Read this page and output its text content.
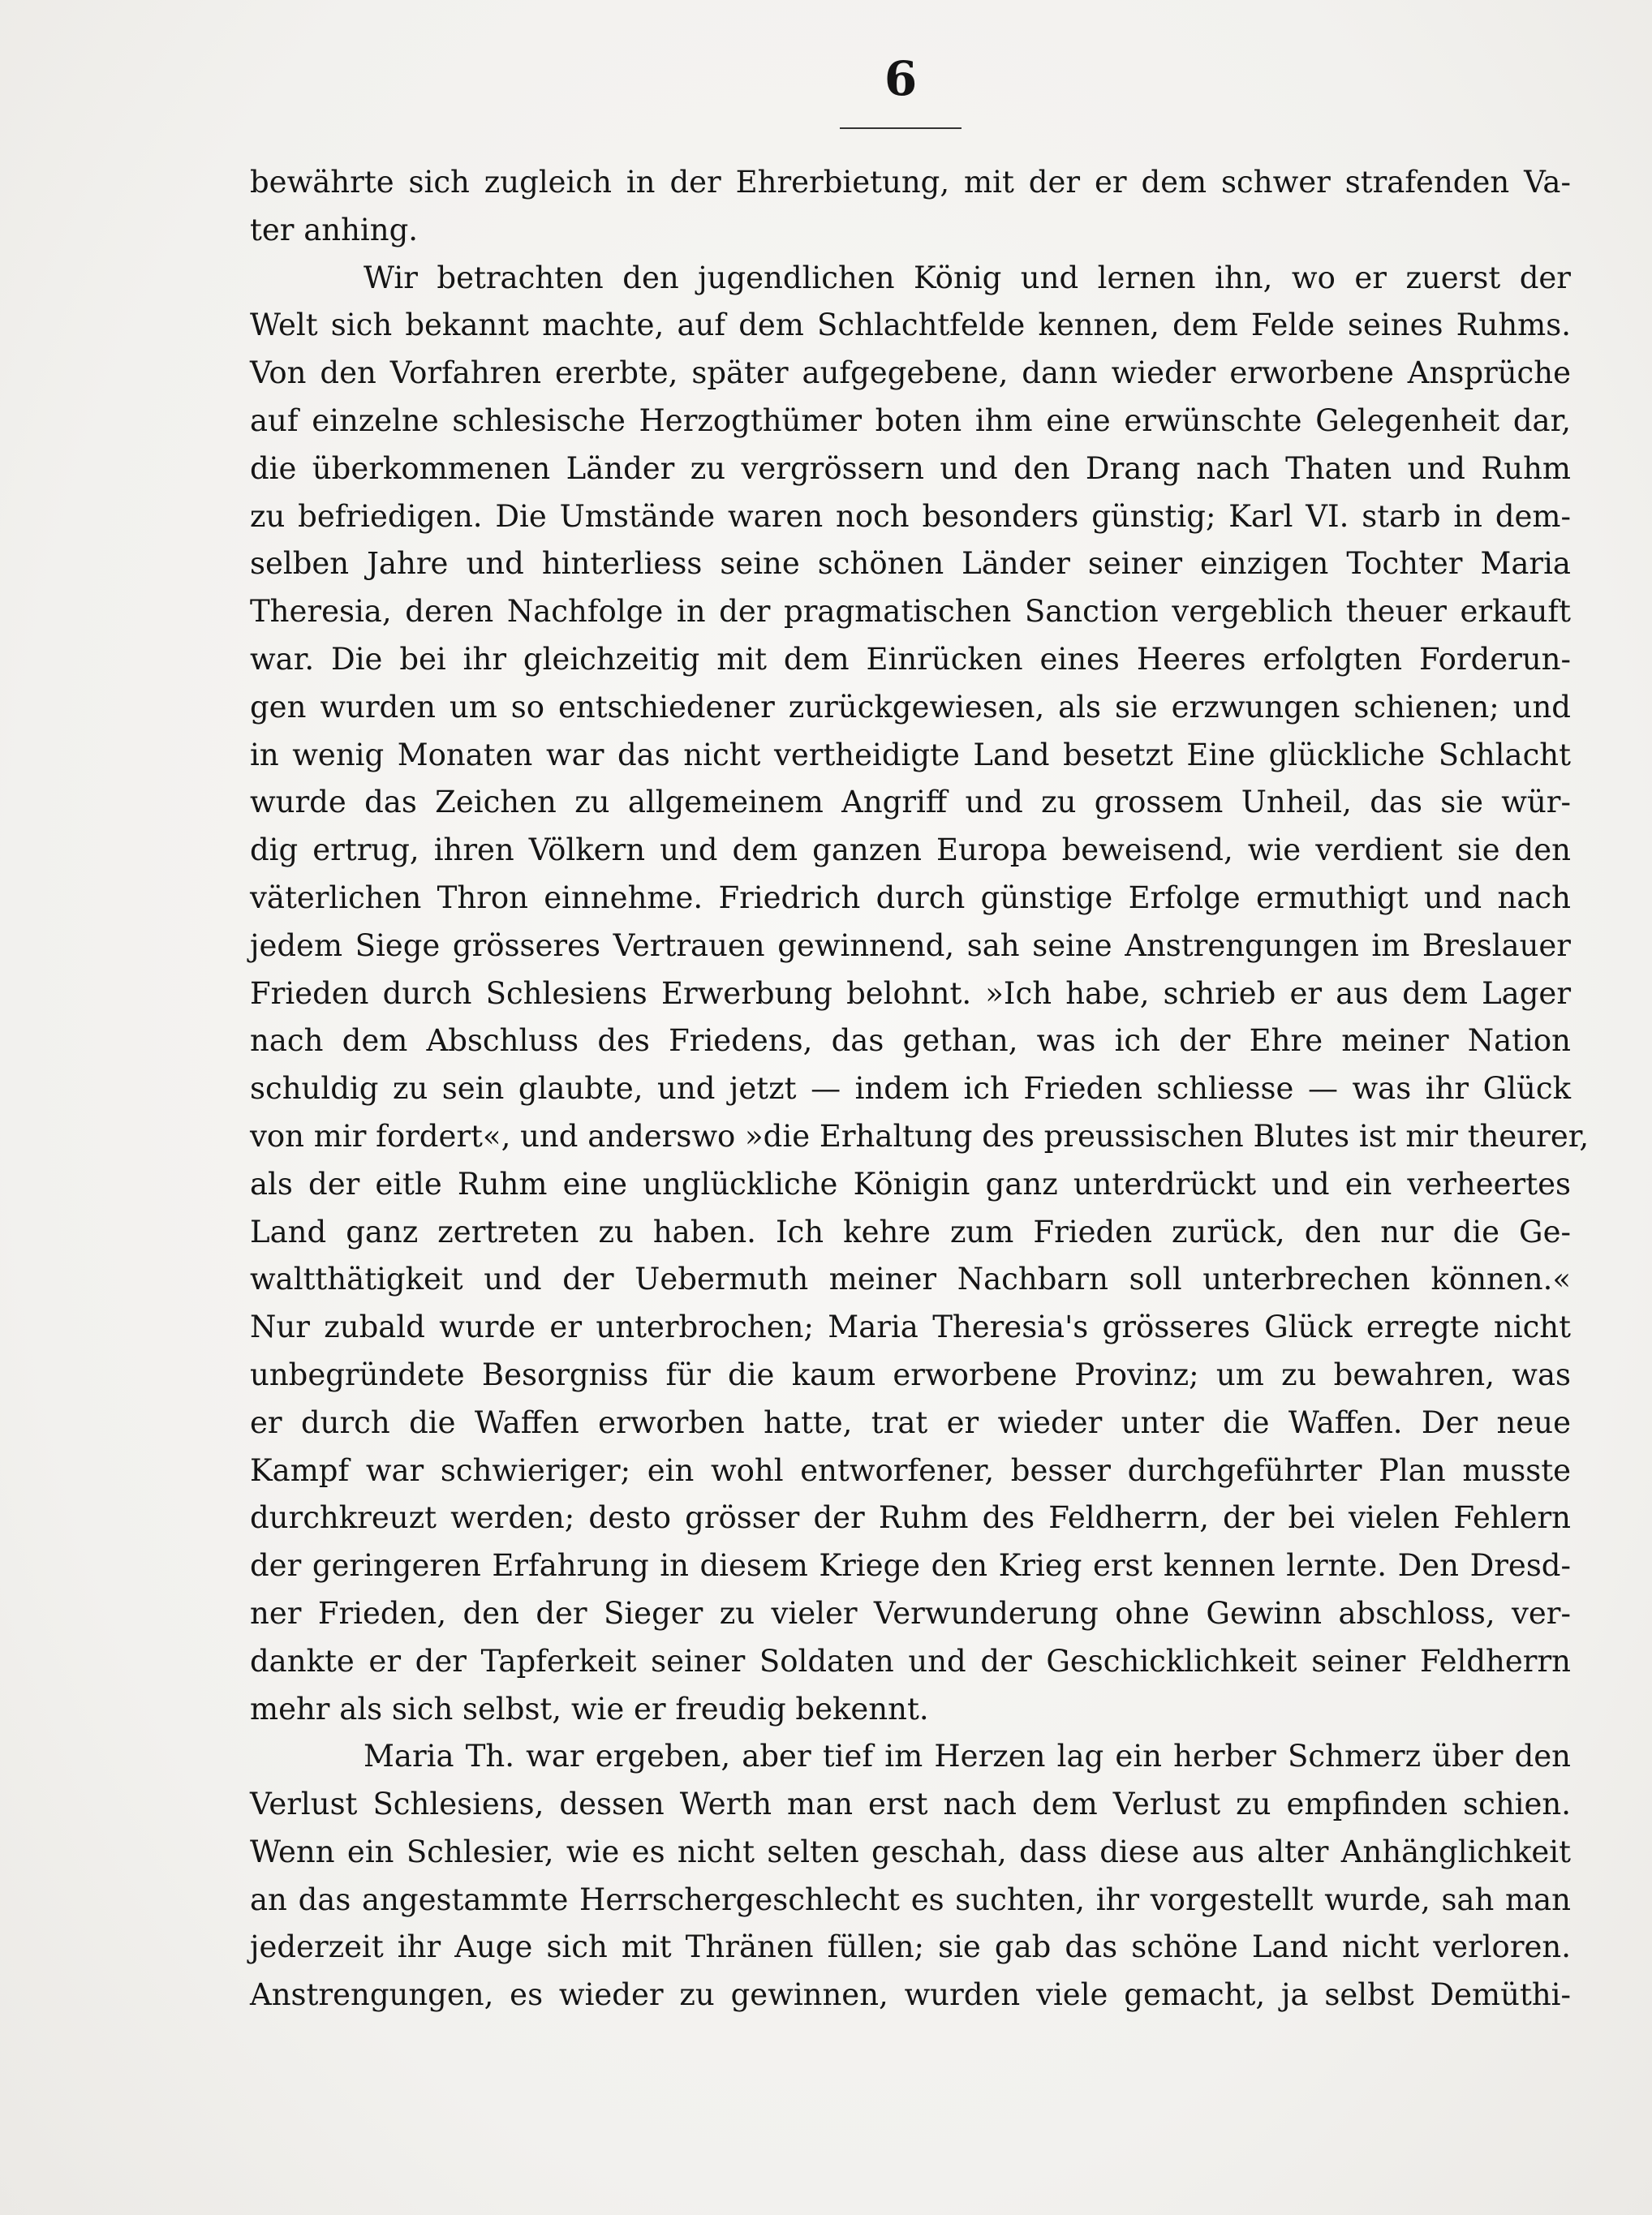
6
bewährte sich zugleich in der Ehrerbietung, mit der er dem schwer strafenden Va-
ter anhing.
Wir betrachten den jugendlichen König und lernen ihn, wo er zuerst der
Welt sich bekannt machte, auf dem Schlachtfelde kennen, dem Felde seines Ruhms.
Von den Vorfahren ererbte, später aufgegebene, dann wieder erworbene Ansprüche
auf einzelne schlesische Herzogthümer boten ihm eine erwünschte Gelegenheit dar,
die überkommenen Länder zu vergrössern und den Drang nach Thaten und Ruhm
zu befriedigen. Die Umstände waren noch besonders günstig; Karl VI. starb in dem-
selben Jahre und hinterliess seine schönen Länder seiner einzigen Tochter Maria
Theresia, deren Nachfolge in der pragmatischen Sanction vergeblich theuer erkauft
war. Die bei ihr gleichzeitig mit dem Einrücken eines Heeres erfolgten Forderun-
gen wurden um so entschiedener zurückgewiesen, als sie erzwungen schienen; und
in wenig Monaten war das nicht vertheidigte Land besetzt Eine glückliche Schlacht
wurde das Zeichen zu allgemeinem Angriff und zu grossem Unheil, das sie wür-
dig ertrug, ihren Völkern und dem ganzen Europa beweisend, wie verdient sie den
väterlichen Thron einnehme. Friedrich durch günstige Erfolge ermuthigt und nach
jedem Siege grösseres Vertrauen gewinnend, sah seine Anstrengungen im Breslauer
Frieden durch Schlesiens Erwerbung belohnt. »Ich habe, schrieb er aus dem Lager
nach dem Abschluss des Friedens, das gethan, was ich der Ehre meiner Nation
schuldig zu sein glaubte, und jetzt — indem ich Frieden schliesse — was ihr Glück
von mir fordert«, und anderswo »die Erhaltung des preussischen Blutes ist mir theurer,
als der eitle Ruhm eine unglückliche Königin ganz unterdrückt und ein verheertes
Land ganz zertreten zu haben. Ich kehre zum Frieden zurück, den nur die Ge-
waltthätigkeit und der Uebermuth meiner Nachbarn soll unterbrechen können.«
Nur zubald wurde er unterbrochen; Maria Theresia's grösseres Glück erregte nicht
unbegründete Besorgniss für die kaum erworbene Provinz; um zu bewahren, was
er durch die Waffen erworben hatte, trat er wieder unter die Waffen. Der neue
Kampf war schwieriger; ein wohl entworfener, besser durchgeführter Plan musste
durchkreuzt werden; desto grösser der Ruhm des Feldherrn, der bei vielen Fehlern
der geringeren Erfahrung in diesem Kriege den Krieg erst kennen lernte. Den Dresd-
ner Frieden, den der Sieger zu vieler Verwunderung ohne Gewinn abschloss, ver-
dankte er der Tapferkeit seiner Soldaten und der Geschicklichkeit seiner Feldherrn
mehr als sich selbst, wie er freudig bekennt.
Maria Th. war ergeben, aber tief im Herzen lag ein herber Schmerz über den
Verlust Schlesiens, dessen Werth man erst nach dem Verlust zu empfinden schien.
Wenn ein Schlesier, wie es nicht selten geschah, dass diese aus alter Anhänglichkeit
an das angestammte Herrschergeschlecht es suchten, ihr vorgestellt wurde, sah man
jederzeit ihr Auge sich mit Thränen füllen; sie gab das schöne Land nicht verloren.
Anstrengungen, es wieder zu gewinnen, wurden viele gemacht, ja selbst Demüthi-
